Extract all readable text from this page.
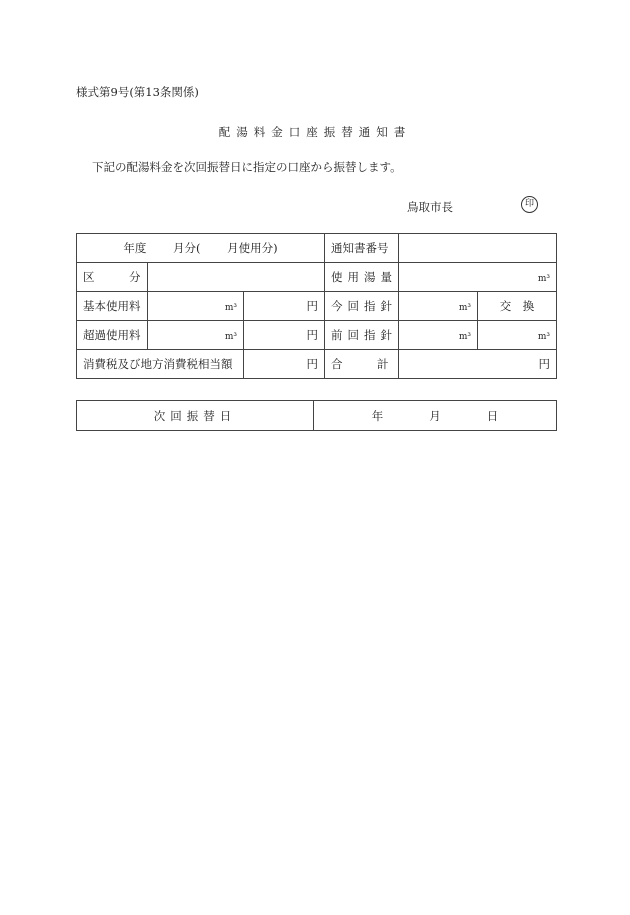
様式第9号(第13条関係)
配湯料金口座振替通知書
下記の配湯料金を次回振替日に指定の口座から振替します。
鳥取市長	印
年度　　 月分(　　 月使用分)			通知書番号		
区　　　分			使用湯量	m³	
基本使用料	m³	円	今回指針	m³	交　換
超過使用料	m³	円	前回指針	m³	m³
消費税及び地方消費税相当額		円	合　　　計	円	
次回振替日	年　　　　月　　　　日
